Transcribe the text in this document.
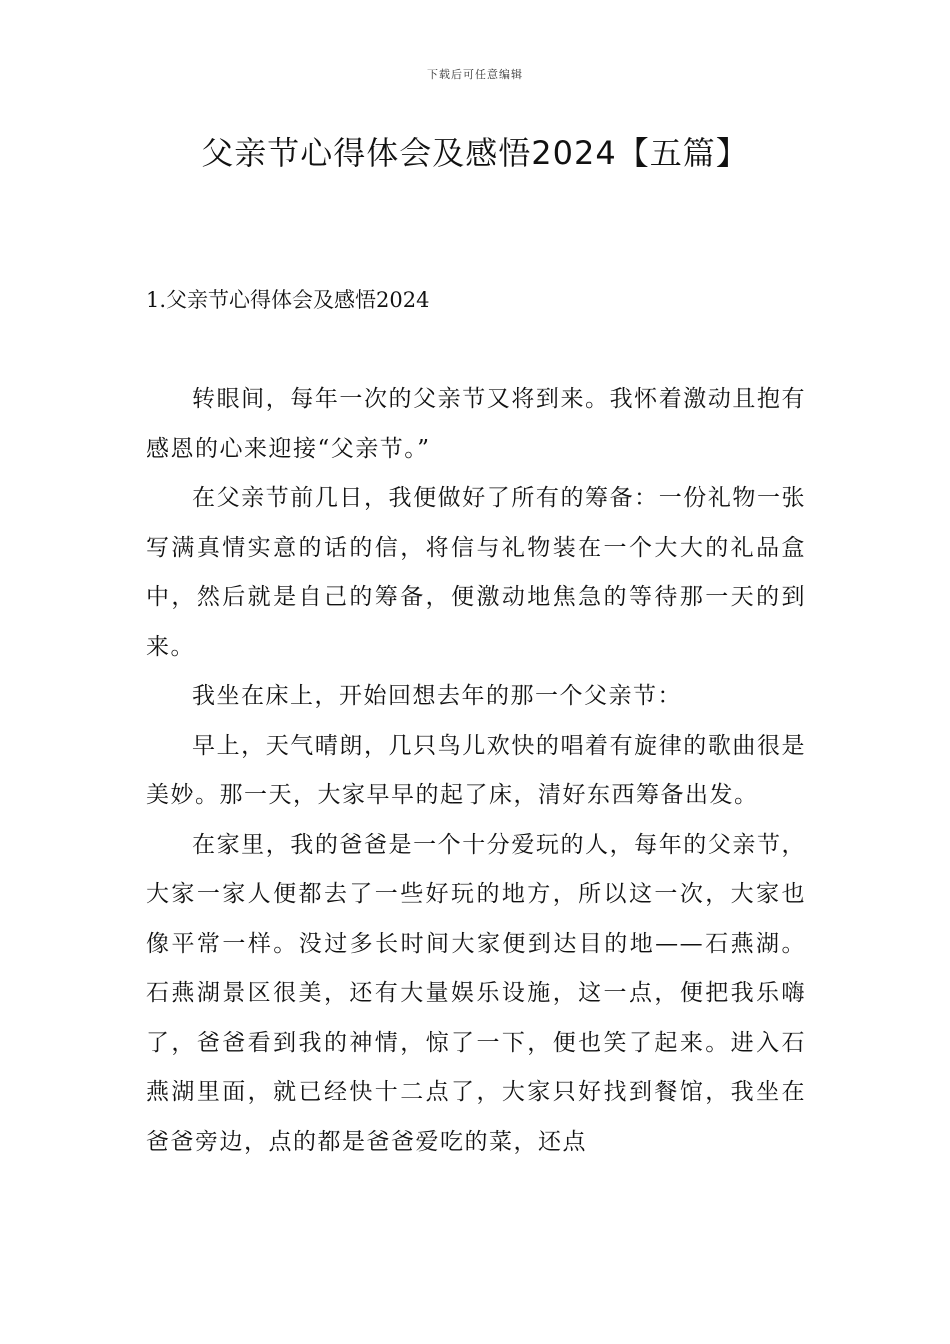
下载后可任意编辑
父亲节心得体会及感悟2024【五篇】
1.父亲节心得体会及感悟2024

转眼间，每年一次的父亲节又将到来。我怀着激动且抱有感恩的心来迎接“父亲节。”

在父亲节前几日，我便做好了所有的筹备：一份礼物一张写满真情实意的话的信，将信与礼物装在一个大大的礼品盒中，然后就是自己的筹备，便激动地焦急的等待那一天的到来。

我坐在床上，开始回想去年的那一个父亲节：

早上，天气晴朗，几只鸟儿欢快的唱着有旋律的歌曲很是美妙。那一天，大家早早的起了床，清好东西筹备出发。

在家里，我的爸爸是一个十分爱玩的人，每年的父亲节，大家一家人便都去了一些好玩的地方，所以这一次，大家也像平常一样。没过多长时间大家便到达目的地——石燕湖。石燕湖景区很美，还有大量娱乐设施，这一点，便把我乐嗨了，爸爸看到我的神情，惊了一下，便也笑了起来。进入石燕湖里面，就已经快十二点了，大家只好找到餐馆，我坐在爸爸旁边，点的都是爸爸爱吃的菜，还点
